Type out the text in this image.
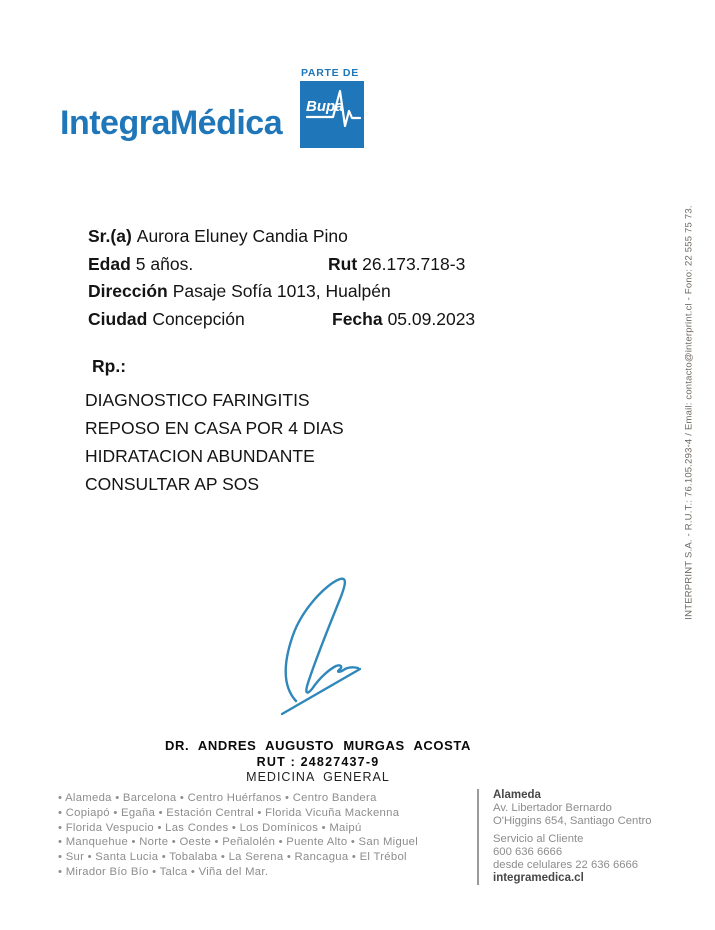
IntegraMédica
PARTE DE
Bupa
Sr.(a) Aurora Eluney Candia Pino
Edad 5 años.	Rut 26.173.718-3
Dirección Pasaje Sofía 1013, Hualpén
Ciudad Concepción	Fecha 05.09.2023
Rp.:
DIAGNOSTICO FARINGITIS
REPOSO EN CASA POR 4 DIAS
HIDRATACION ABUNDANTE
CONSULTAR AP SOS
DR. ANDRES AUGUSTO MURGAS ACOSTA
RUT : 24827437-9
MEDICINA GENERAL
• Alameda • Barcelona • Centro Huérfanos • Centro Bandera
• Copiapó • Egaña • Estación Central • Florida Vicuña Mackenna
• Florida Vespucio • Las Condes • Los Domínicos • Maipú
• Manquehue • Norte • Oeste • Peñalolén • Puente Alto • San Miguel
• Sur • Santa Lucia • Tobalaba • La Serena • Rancagua • El Trébol
• Mirador Bío Bío • Talca • Viña del Mar.
Alameda
Av. Libertador Bernardo
O'Higgins 654, Santiago Centro
Servicio al Cliente
600 636 6666
desde celulares 22 636 6666
integramedica.cl
INTERPRINT S.A. - R.U.T.: 76.105.293-4 / Email: contacto@interprint.cl - Fono: 22 555 75 73.
